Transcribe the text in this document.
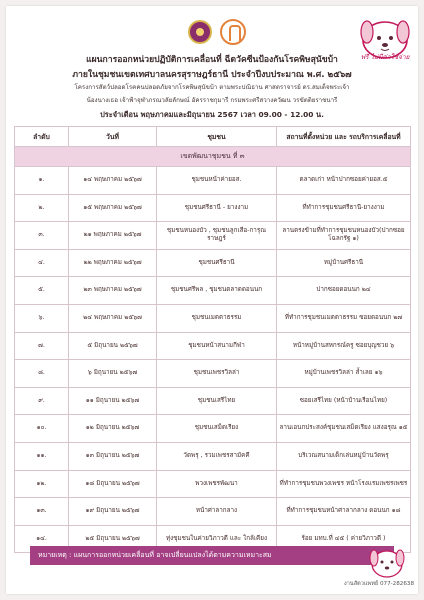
ฟรี ไม่มีค่าใช้จ่าย
แผนการออกหน่วยปฏิบัติการเคลื่อนที่ ฉีดวัคซีนป้องกันโรคพิษสุนัขบ้า
ภายในชุมชนเขตเทศบาลนครสุราษฎร์ธานี ประจำปีงบประมาณ พ.ศ. ๒๕๖๗
โครงการสัตว์ปลอดโรคคนปลอดภัยจากโรคพิษสุนัขบ้า ตามพระปณิธาน ศาสตราจารย์ ดร.สมเด็จพระเจ้า
น้องนางเธอ เจ้าฟ้าจุฬาภรณวลัยลักษณ์ อัครราชกุมารี กรมพระศรีสวางควัฒน วรขัตติยราชนารี
ประจำเดือน พฤษภาคมและมิถุนายน 2567 เวลา 09.00 - 12.00 น.
ลำดับ	วันที่	ชุมชน	สถานที่ตั้งหน่วย และ รถบริการเคลื่อนที่
เขตพัฒนาชุมชน ที่ ๓			
๑.	๑๔ พฤษภาคม ๒๕๖๗	ชุมชนหน้าค่ายอส.	ตลาดเก่า หน้าปากซอยค่ายอส.๕
๒.	๑๕ พฤษภาคม ๒๕๖๗	ชุมชนศรีธานี - ยางงาม	ที่ทำการชุมชนศรีธานี-ยางงาม
๓.	๒๑ พฤษภาคม ๒๕๖๗	ชุมชนหนองบัว , ชุมชนลูกเสือ-การุณราษฎร์	ลานตรงข้ามที่ทำการชุมชนหนองบัว(ปากซอยโฉลกรัฐ ๑)
๔.	๒๒ พฤษภาคม ๒๕๖๗	ชุมชนศรีธานี	หมู่บ้านศรีธานี
๕.	๒๓ พฤษภาคม ๒๕๖๗	ชุมชนศรีพล , ชุมชนตลาดดอนนก	ปากซอยดอนนก ๒๔
๖.	๒๔ พฤษภาคม ๒๕๖๗	ชุมชนเมตตาธรรม	ที่ทำการชุมชนเมตตาธรรม ซอยดอนนก ๒๗
๗.	๕ มิถุนายน ๒๕๖๗	ชุมชนหน้าสนามกีฬา	หน้าหมู่บ้านสหกรณ์ครู ซอยบุญชวย ๖
๘.	๖ มิถุนายน ๒๕๖๗	ชุมชนเพชรวิลล่า	หมู่บ้านเพชรวิลล่า ล้ำเลย ๑๖
๙.	๑๑ มิถุนายน ๒๕๖๗	ชุมชนเสรีไทย	ซอยเสรีไทย (หน้าบ้านเรือนไทย)
๑๐.	๑๒ มิถุนายน ๒๕๖๗	ชุมชนเสม็ดเรียง	ลานเอนกประสงค์ชุมชนเสม็ดเรียง แสงอรุณ ๑๕
๑๑.	๑๓ มิถุนายน ๒๕๖๗	วัดพรุ , รวมเพชรสามัคคี	บริเวณสนามเด็กเล่นหมู่บ้านวัดพรุ
๑๒.	๑๘ มิถุนายน ๒๕๖๗	พวงเพชรพัฒนา	ที่ทำการชุมชนพวงเพชร หน้าโรงแรมเพชรเพชร
๑๓.	๑๙ มิถุนายน ๒๕๖๗	หน้าศาลากลาง	ที่ทำการชุมชนหน้าศาลากลาง ดอนนก ๑๘
๑๔.	๒๕ มิถุนายน ๒๕๖๗	ทุ่งชุมชนในค่ายวิภาวดี และ ใกล้เคียง	ร้อย มทบ.ที่ ๔๕ ( ค่ายวิภาวดี )
หมายเหตุ : แผนการออกหน่วยเคลื่อนที่ อาจเปลี่ยนแปลงได้ตามความเหมาะสม
งานสัตวแพทย์ 077-282638
